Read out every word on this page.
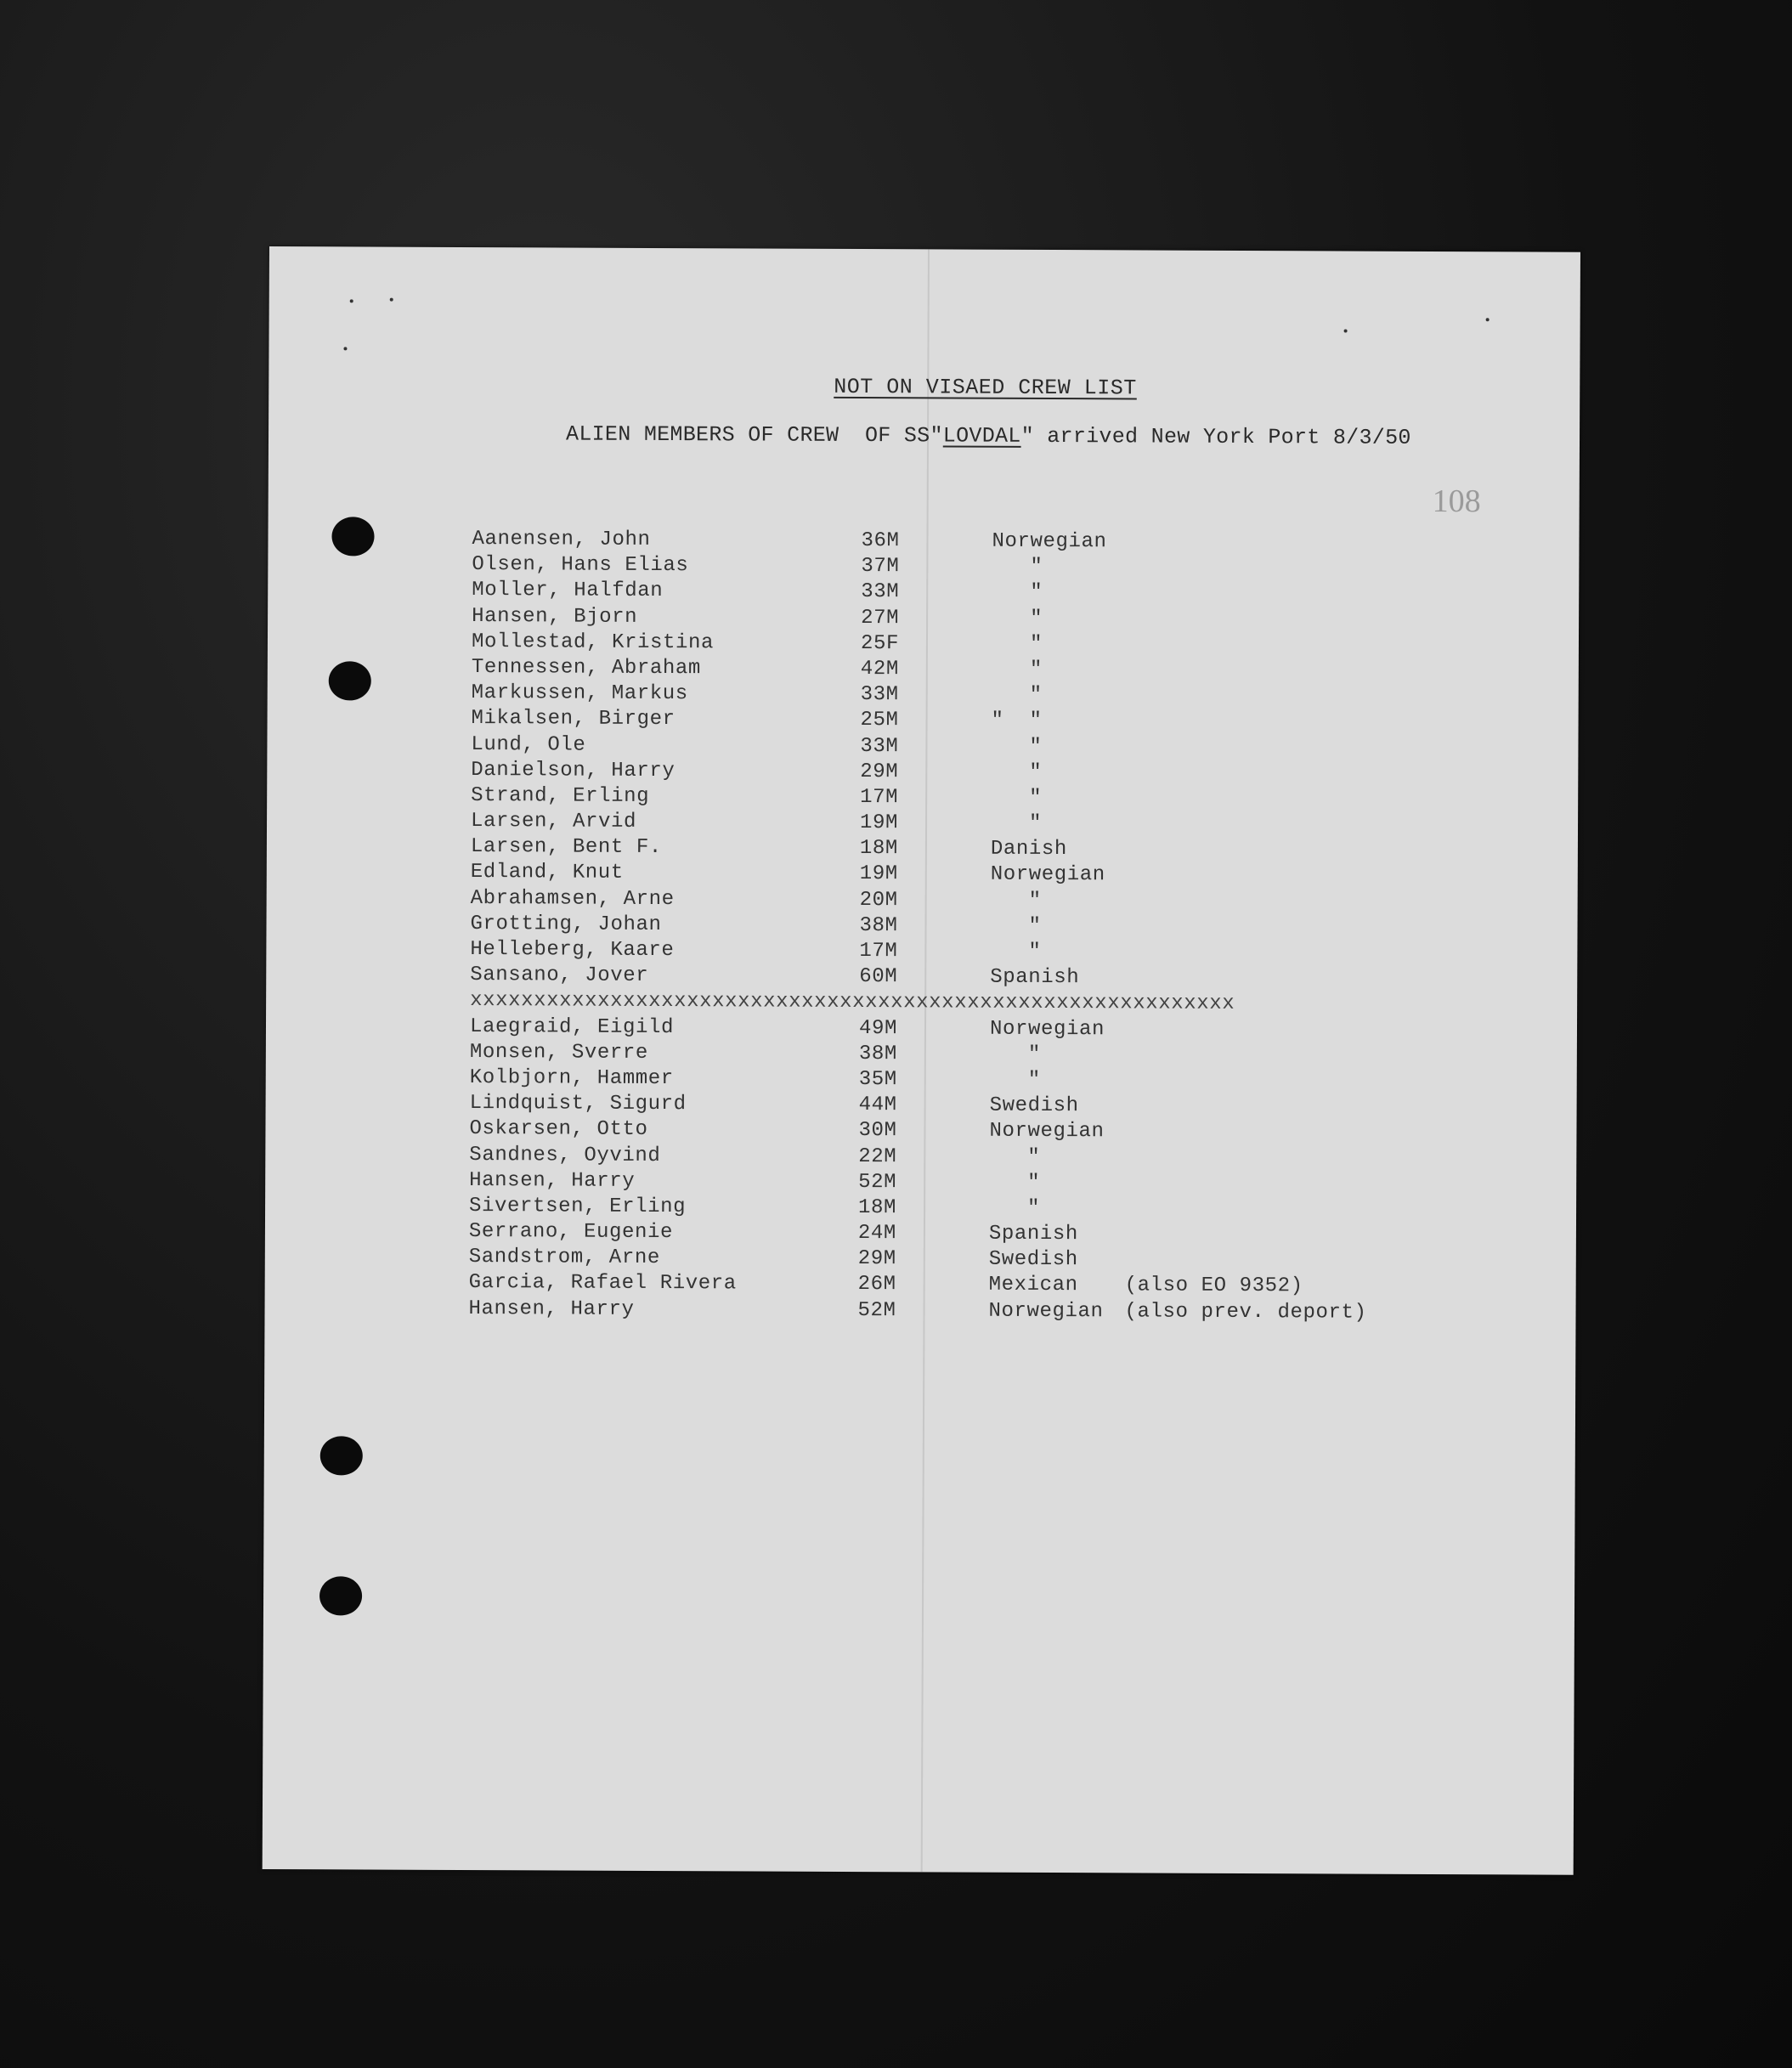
NOT ON VISAED CREW LIST
ALIEN MEMBERS OF CREW  OF SS"LOVDAL" arrived New York Port 8/3/50
108
Aanensen, John	36M	Norwegian
Olsen, Hans Elias	37M	"
Moller, Halfdan	33M	"
Hansen, Bjorn	27M	"
Mollestad, Kristina	25F	"
Tennessen, Abraham	42M	"
Markussen, Markus	33M	"
Mikalsen, Birger	25M	"  "
Lund, Ole	33M	"
Danielson, Harry	29M	"
Strand, Erling	17M	"
Larsen, Arvid	19M	"
Larsen, Bent F.	18M	Danish
Edland, Knut	19M	Norwegian
Abrahamsen, Arne	20M	"
Grotting, Johan	38M	"
Helleberg, Kaare	17M	"
Sansano, Jover	60M	Spanish
xxxxxxxxxxxxxxxxxxxxxxxxxxxxxxxxxxxxxxxxxxxxxxxxxxxxxxxxxxxx
Laegraid, Eigild	49M	Norwegian
Monsen, Sverre	38M	"
Kolbjorn, Hammer	35M	"
Lindquist, Sigurd	44M	Swedish
Oskarsen, Otto	30M	Norwegian
Sandnes, Oyvind	22M	"
Hansen, Harry	52M	"
Sivertsen, Erling	18M	"
Serrano, Eugenie	24M	Spanish
Sandstrom, Arne	29M	Swedish
Garcia, Rafael Rivera	26M	Mexican (also EO 9352)
Hansen, Harry	52M	Norwegian (also prev. deport)
